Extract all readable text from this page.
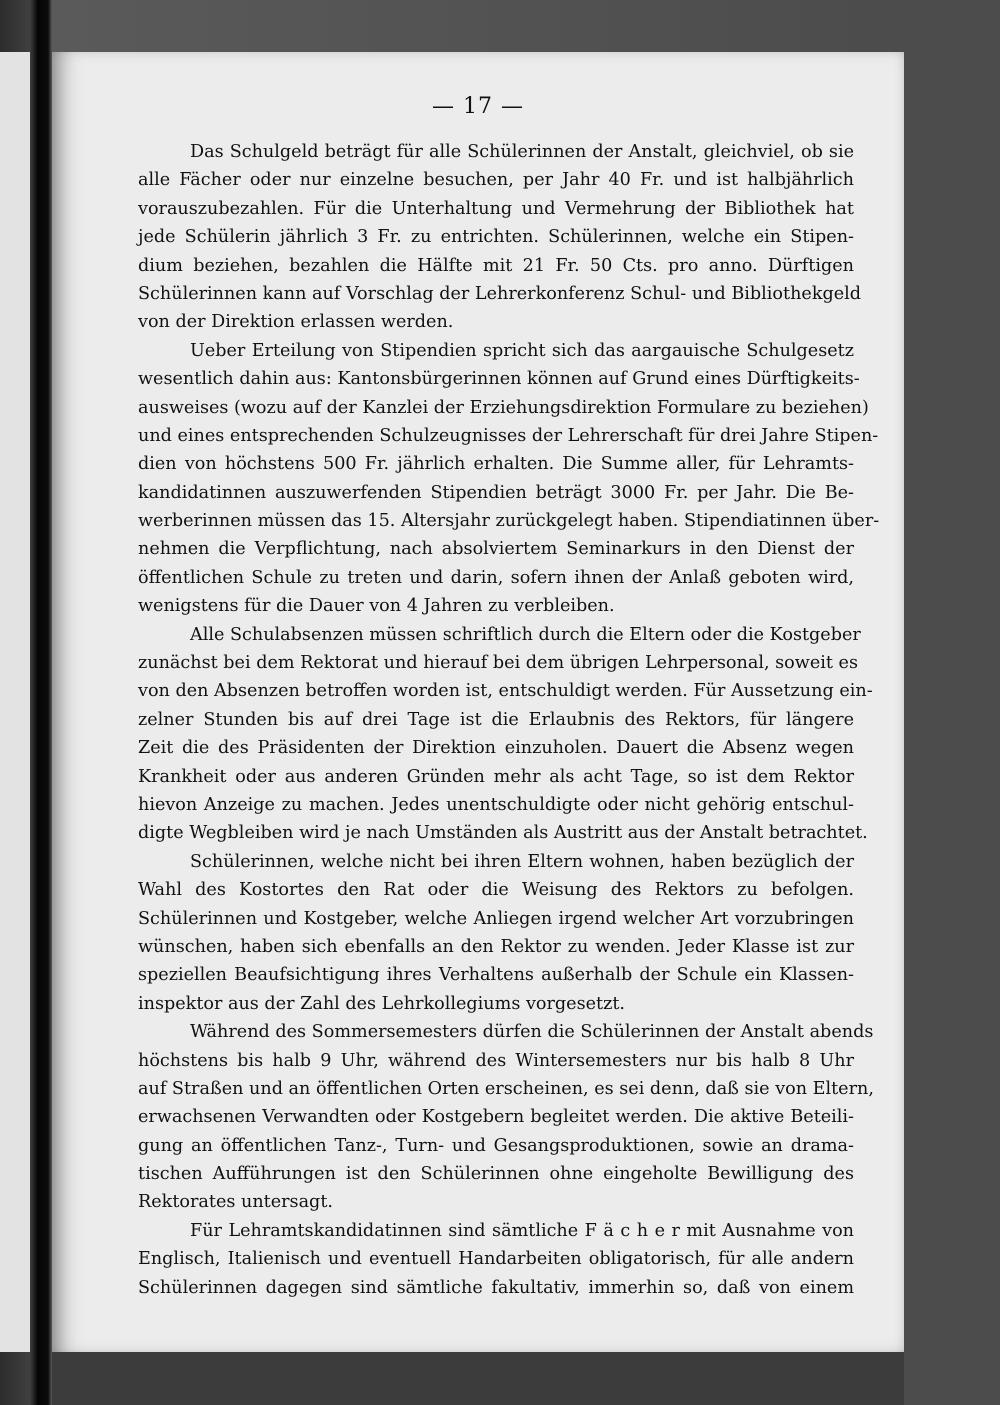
— 17 —
Das Schulgeld beträgt für alle Schülerinnen der Anstalt, gleichviel, ob sie
alle Fächer oder nur einzelne besuchen, per Jahr 40 Fr. und ist halbjährlich
vorauszubezahlen. Für die Unterhaltung und Vermehrung der Bibliothek hat
jede Schülerin jährlich 3 Fr. zu entrichten. Schülerinnen, welche ein Stipen-
dium beziehen, bezahlen die Hälfte mit 21 Fr. 50 Cts. pro anno. Dürftigen
Schülerinnen kann auf Vorschlag der Lehrerkonferenz Schul- und Bibliothekgeld
von der Direktion erlassen werden.
Ueber Erteilung von Stipendien spricht sich das aargauische Schulgesetz
wesentlich dahin aus: Kantonsbürgerinnen können auf Grund eines Dürftigkeits-
ausweises (wozu auf der Kanzlei der Erziehungsdirektion Formulare zu beziehen)
und eines entsprechenden Schulzeugnisses der Lehrerschaft für drei Jahre Stipen-
dien von höchstens 500 Fr. jährlich erhalten. Die Summe aller, für Lehramts-
kandidatinnen auszuwerfenden Stipendien beträgt 3000 Fr. per Jahr. Die Be-
werberinnen müssen das 15. Altersjahr zurückgelegt haben. Stipendiatinnen über-
nehmen die Verpflichtung, nach absolviertem Seminarkurs in den Dienst der
öffentlichen Schule zu treten und darin, sofern ihnen der Anlaß geboten wird,
wenigstens für die Dauer von 4 Jahren zu verbleiben.
Alle Schulabsenzen müssen schriftlich durch die Eltern oder die Kostgeber
zunächst bei dem Rektorat und hierauf bei dem übrigen Lehrpersonal, soweit es
von den Absenzen betroffen worden ist, entschuldigt werden. Für Aussetzung ein-
zelner Stunden bis auf drei Tage ist die Erlaubnis des Rektors, für längere
Zeit die des Präsidenten der Direktion einzuholen. Dauert die Absenz wegen
Krankheit oder aus anderen Gründen mehr als acht Tage, so ist dem Rektor
hievon Anzeige zu machen. Jedes unentschuldigte oder nicht gehörig entschul-
digte Wegbleiben wird je nach Umständen als Austritt aus der Anstalt betrachtet.
Schülerinnen, welche nicht bei ihren Eltern wohnen, haben bezüglich der
Wahl des Kostortes den Rat oder die Weisung des Rektors zu befolgen.
Schülerinnen und Kostgeber, welche Anliegen irgend welcher Art vorzubringen
wünschen, haben sich ebenfalls an den Rektor zu wenden. Jeder Klasse ist zur
speziellen Beaufsichtigung ihres Verhaltens außerhalb der Schule ein Klassen-
inspektor aus der Zahl des Lehrkollegiums vorgesetzt.
Während des Sommersemesters dürfen die Schülerinnen der Anstalt abends
höchstens bis halb 9 Uhr, während des Wintersemesters nur bis halb 8 Uhr
auf Straßen und an öffentlichen Orten erscheinen, es sei denn, daß sie von Eltern,
erwachsenen Verwandten oder Kostgebern begleitet werden. Die aktive Beteili-
gung an öffentlichen Tanz-, Turn- und Gesangsproduktionen, sowie an drama-
tischen Aufführungen ist den Schülerinnen ohne eingeholte Bewilligung des
Rektorates untersagt.
Für Lehramtskandidatinnen sind sämtliche F ä c h e r mit Ausnahme von
Englisch, Italienisch und eventuell Handarbeiten obligatorisch, für alle andern
Schülerinnen dagegen sind sämtliche fakultativ, immerhin so, daß von einem
